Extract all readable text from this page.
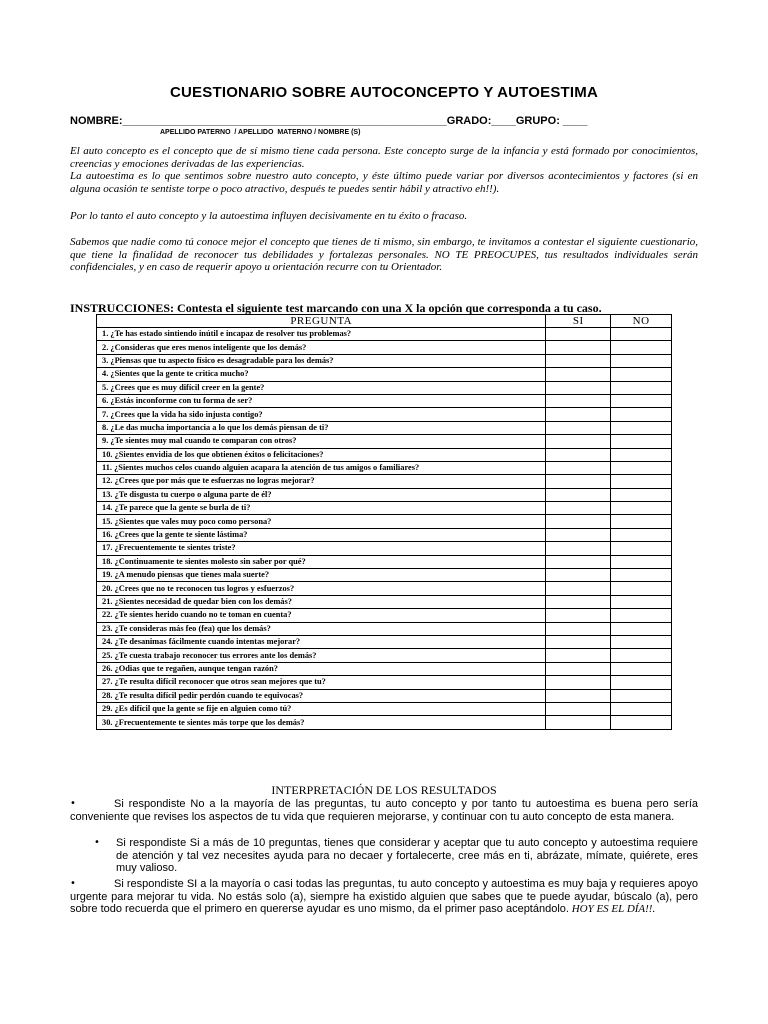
CUESTIONARIO SOBRE AUTOCONCEPTO Y AUTOESTIMA
NOMBRE:_____________________________________________________GRADO:____GRUPO: ____
APELLIDO PATERNO  / APELLIDO  MATERNO / NOMBRE (S)
El auto concepto es el concepto que de sí mismo tiene cada persona. Este concepto surge de la infancia y está formado por conocimientos, creencias y emociones derivadas de las experiencias.
La autoestima es lo que sentimos sobre nuestro auto concepto, y éste último puede variar por diversos acontecimientos y factores (si en alguna ocasión te sentiste torpe o poco atractivo, después te puedes sentir hábil y atractivo eh!!).
Por lo tanto el auto concepto y la autoestima influyen decisivamente en tu éxito o fracaso.
Sabemos que nadie como tú conoce mejor el concepto que tienes de ti mismo, sin embargo, te invitamos a contestar el siguiente cuestionario, que tiene la finalidad de reconocer tus debilidades y fortalezas personales. NO TE PREOCUPES, tus resultados individuales serán confidenciales, y en caso de requerir apoyo u orientación recurre con tu Orientador.
INSTRUCCIONES: Contesta el siguiente test marcando con una X la opción que corresponda a tu caso.
PREGUNTA	SI	NO
1. ¿Te has estado sintiendo inútil e incapaz de resolver tus problemas?		
2. ¿Consideras que eres menos inteligente que los demás?		
3. ¿Piensas que tu aspecto físico es desagradable para los demás?		
4. ¿Sientes que la gente te critica mucho?		
5. ¿Crees que es muy difícil creer en la gente?		
6. ¿Estás inconforme con tu forma de ser?		
7. ¿Crees que la vida ha sido injusta contigo?		
8. ¿Le das mucha importancia a lo que los demás piensan de ti?		
9. ¿Te sientes muy mal cuando te comparan con otros?		
10. ¿Sientes envidia de los que obtienen éxitos o felicitaciones?		
11. ¿Sientes muchos celos cuando alguien acapara la atención de tus amigos o familiares?		
12. ¿Crees que por más que te esfuerzas no logras mejorar?		
13. ¿Te disgusta tu cuerpo o alguna parte de él?		
14. ¿Te parece que la gente se burla de ti?		
15. ¿Sientes que vales muy poco como persona?		
16. ¿Crees que la gente te siente lástima?		
17. ¿Frecuentemente te sientes triste?		
18. ¿Continuamente te sientes molesto sin saber por qué?		
19. ¿A menudo piensas que tienes mala suerte?		
20. ¿Crees que no te reconocen tus logros y esfuerzos?		
21. ¿Sientes necesidad de quedar bien con los demás?		
22. ¿Te sientes herido cuando no te toman en cuenta?		
23. ¿Te consideras más feo (fea) que los demás?		
24. ¿Te desanimas fácilmente cuando intentas mejorar?		
25. ¿Te cuesta trabajo reconocer tus errores ante los demás?		
26. ¿Odias que te regañen, aunque tengan razón?		
27. ¿Te resulta difícil reconocer que otros sean mejores que tu?		
28. ¿Te resulta difícil pedir perdón cuando te equivocas?		
29. ¿Es difícil que la gente se fije en alguien como tú?		
30. ¿Frecuentemente te sientes más torpe que los demás?		
INTERPRETACIÓN DE LOS RESULTADOS
•	Si respondiste No a la mayoría de las preguntas, tu auto concepto y por tanto tu autoestima es buena pero sería conveniente que revises los aspectos de tu vida que requieren mejorarse, y continuar con tu auto concepto de esta manera.
• Si respondiste Si a más de 10 preguntas, tienes que considerar y aceptar que tu auto concepto y autoestima requiere de atención y tal vez necesites ayuda para no decaer y fortalecerte, cree más en ti, abrázate, mímate, quiérete, eres muy valioso.
•	Si respondiste SI a la mayoría o casi todas las preguntas, tu auto concepto y autoestima es muy baja y requieres apoyo urgente para mejorar tu vida. No estás solo (a), siempre ha existido alguien que sabes que te puede ayudar, búscalo (a), pero sobre todo recuerda que el primero en quererse ayudar es uno mismo, da el primer paso aceptándolo. HOY ES EL DÍA!!.
